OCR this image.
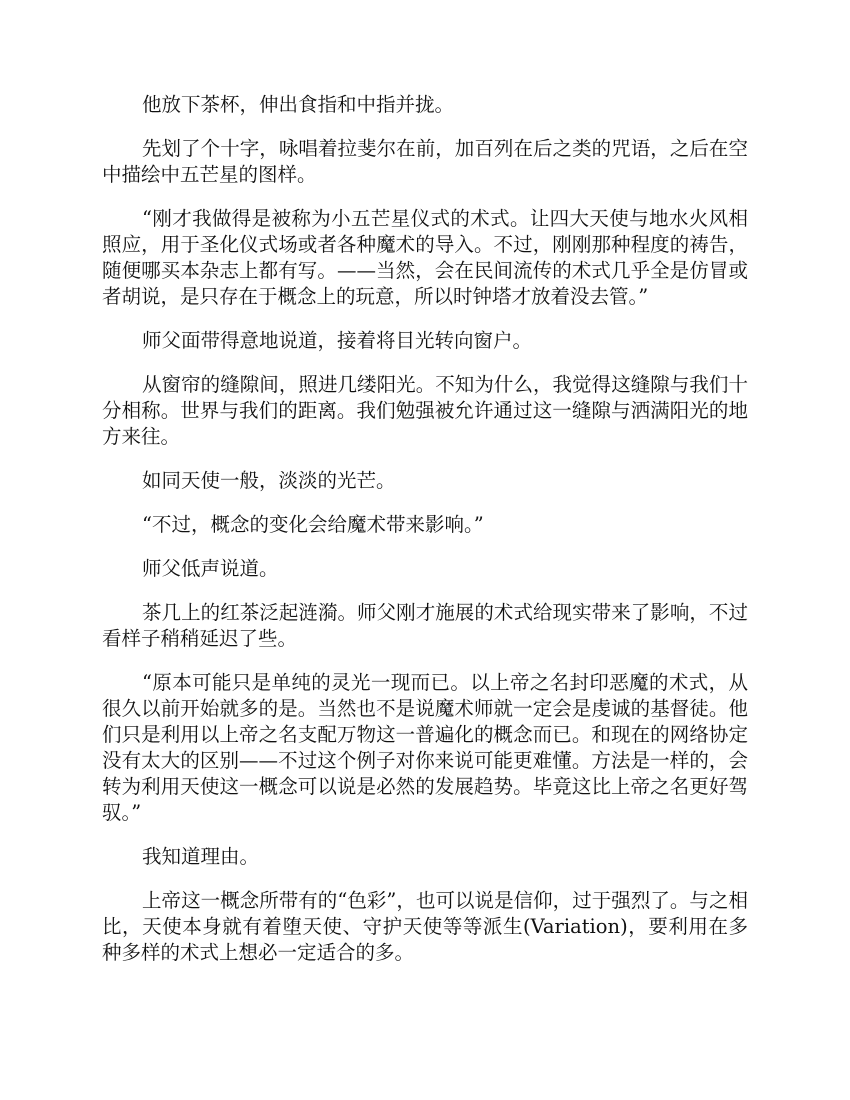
他放下茶杯，伸出食指和中指并拢。

先划了个十字，咏唱着拉斐尔在前，加百列在后之类的咒语，之后在空中描绘中五芒星的图样。

“刚才我做得是被称为小五芒星仪式的术式。让四大天使与地水火风相照应，用于圣化仪式场或者各种魔术的导入。不过，刚刚那种程度的祷告，随便哪买本杂志上都有写。——当然，会在民间流传的术式几乎全是仿冒或者胡说，是只存在于概念上的玩意，所以时钟塔才放着没去管。”

师父面带得意地说道，接着将目光转向窗户。

从窗帘的缝隙间，照进几缕阳光。不知为什么，我觉得这缝隙与我们十分相称。世界与我们的距离。我们勉强被允许通过这一缝隙与洒满阳光的地方来往。

如同天使一般，淡淡的光芒。

“不过，概念的变化会给魔术带来影响。”

师父低声说道。

茶几上的红茶泛起涟漪。师父刚才施展的术式给现实带来了影响，不过看样子稍稍延迟了些。

“原本可能只是单纯的灵光一现而已。以上帝之名封印恶魔的术式，从很久以前开始就多的是。当然也不是说魔术师就一定会是虔诚的基督徒。他们只是利用以上帝之名支配万物这一普遍化的概念而已。和现在的网络协定没有太大的区别——不过这个例子对你来说可能更难懂。方法是一样的，会转为利用天使这一概念可以说是必然的发展趋势。毕竟这比上帝之名更好驾驭。”

我知道理由。

上帝这一概念所带有的“色彩”，也可以说是信仰，过于强烈了。与之相比，天使本身就有着堕天使、守护天使等等派生(Variation)，要利用在多种多样的术式上想必一定适合的多。
